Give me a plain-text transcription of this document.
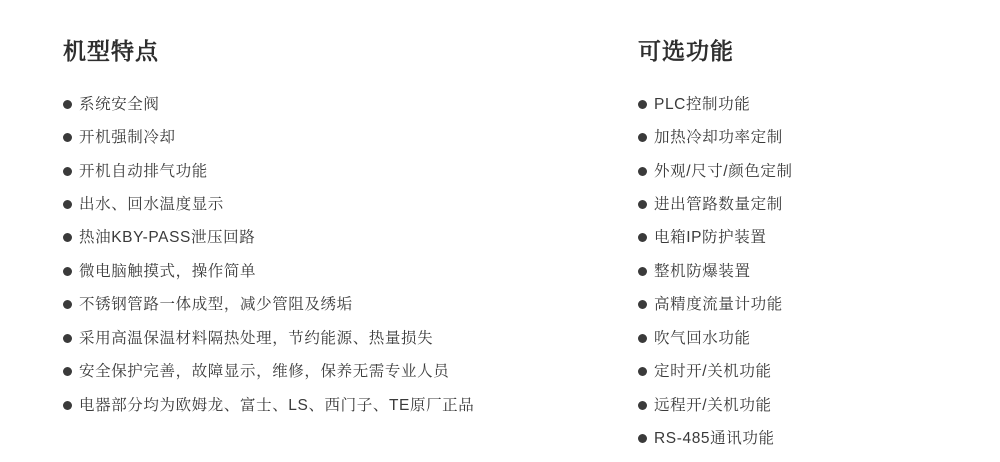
机型特点
系统安全阀
开机强制冷却
开机自动排气功能
出水、回水温度显示
热油KBY-PASS泄压回路
微电脑触摸式，操作简单
不锈钢管路一体成型，减少管阻及绣垢
采用高温保温材料隔热处理，节约能源、热量损失
安全保护完善，故障显示，维修，保养无需专业人员
电器部分均为欧姆龙、富士、LS、西门子、TE原厂正品
可选功能
PLC控制功能
加热冷却功率定制
外观/尺寸/颜色定制
进出管路数量定制
电箱IP防护装置
整机防爆装置
高精度流量计功能
吹气回水功能
定时开/关机功能
远程开/关机功能
RS-485通讯功能
